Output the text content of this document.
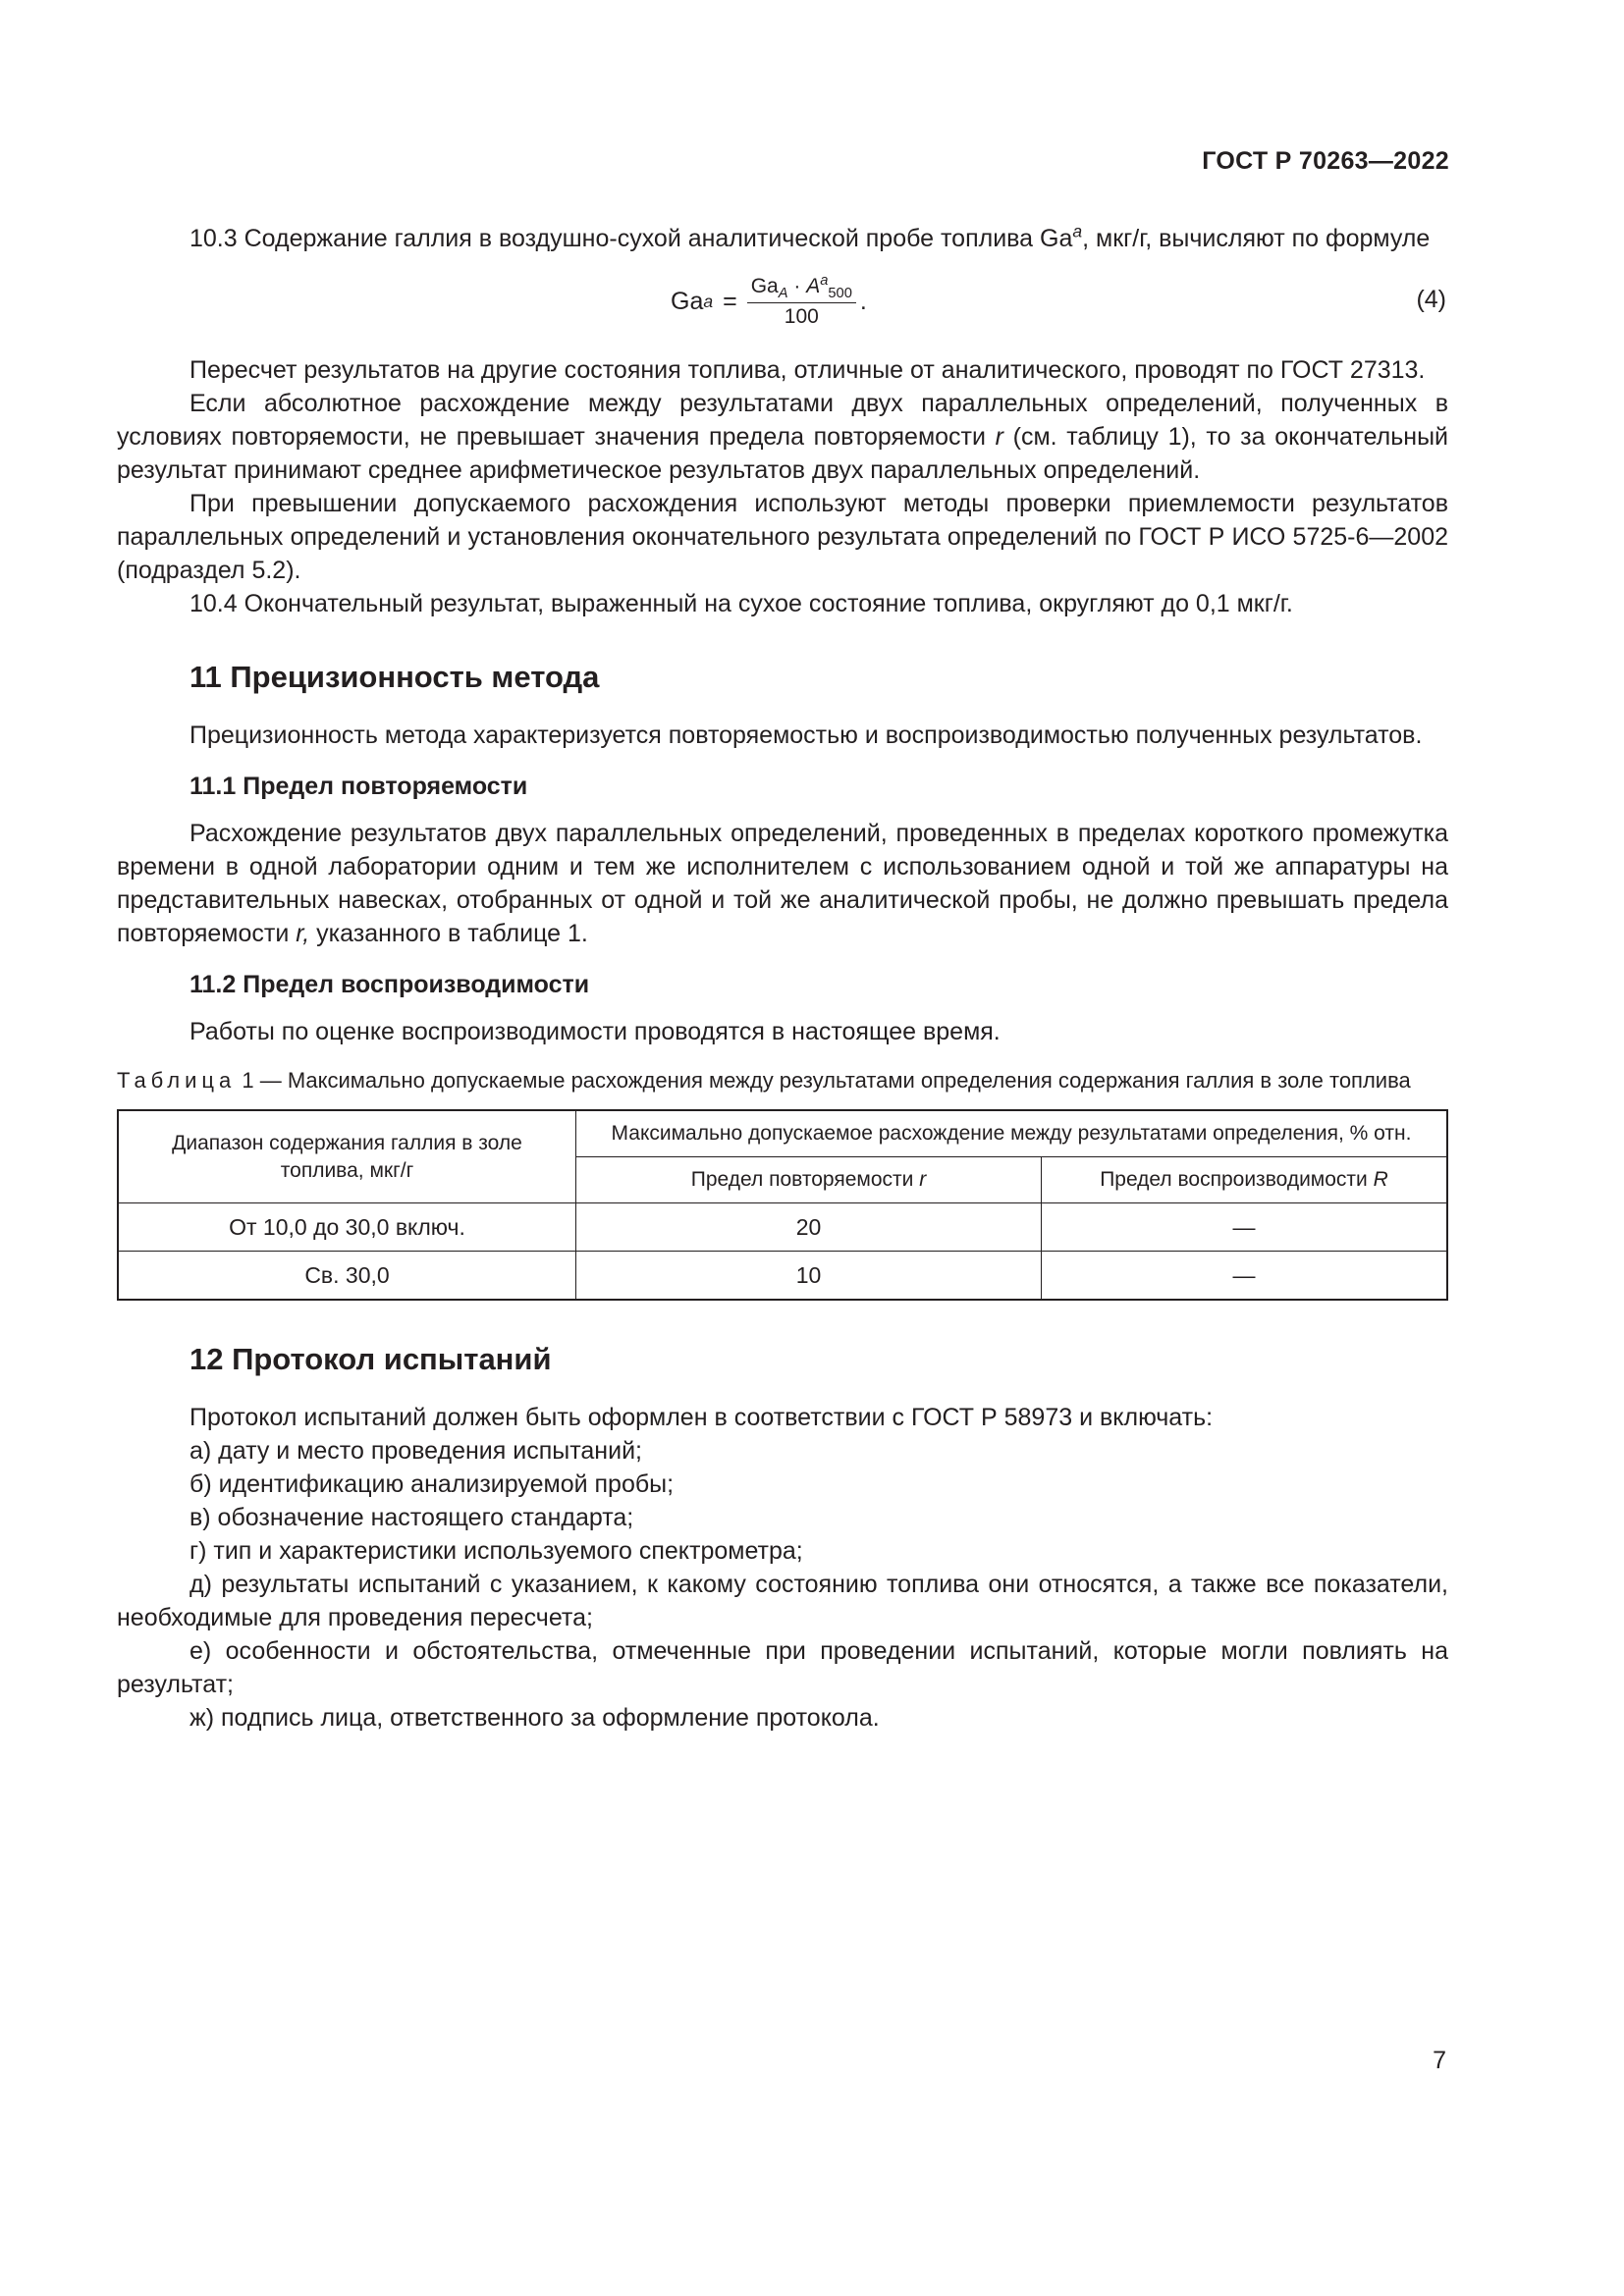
ГОСТ Р 70263—2022

10.3 Содержание галлия в воздушно-сухой аналитической пробе топлива Ga$^a$, мкг/г, вычисляют по формуле

Ga $a = \frac{Ga_A \cdot A^a_{500}}{100}$ .	(4)

Пересчет результатов на другие состояния топлива, отличные от аналитического, проводят по ГОСТ 27313.

Если абсолютное расхождение между результатами двух параллельных определений, полученных в условиях повторяемости, не превышает значения предела повторяемости r (см. таблицу 1), то за окончательный результат принимают среднее арифметическое результатов двух параллельных определений.

При превышении допускаемого расхождения используют методы проверки приемлемости результатов параллельных определений и установления окончательного результата определений по ГОСТ Р ИСО 5725-6—2002 (подраздел 5.2).

10.4 Окончательный результат, выраженный на сухое состояние топлива, округляют до 0,1 мкг/г.

11 Прецизионность метода

Прецизионность метода характеризуется повторяемостью и воспроизводимостью полученных результатов.

11.1 Предел повторяемости

Расхождение результатов двух параллельных определений, проведенных в пределах короткого промежутка времени в одной лаборатории одним и тем же исполнителем с использованием одной и той же аппаратуры на представительных навесках, отобранных от одной и той же аналитической пробы, не должно превышать предела повторяемости r, указанного в таблице 1.

11.2 Предел воспроизводимости

Работы по оценке воспроизводимости проводятся в настоящее время.

Таблица 1 — Максимально допускаемые расхождения между результатами определения содержания галлия в золе топлива
Диапазон содержания галлия в золе топлива, мкг/г	Максимально допускаемое расхождение между результатами определения, % отн.	
	Предел повторяемости r	Предел воспроизводимости R
От 10,0 до 30,0 включ.	20	—
Св. 30,0	10	—
12 Протокол испытаний

Протокол испытаний должен быть оформлен в соответствии с ГОСТ Р 58973 и включать:

а) дату и место проведения испытаний;

б) идентификацию анализируемой пробы;

в) обозначение настоящего стандарта;

г) тип и характеристики используемого спектрометра;

д) результаты испытаний с указанием, к какому состоянию топлива они относятся, а также все показатели, необходимые для проведения пересчета;

е) особенности и обстоятельства, отмеченные при проведении испытаний, которые могли повлиять на результат;

ж) подпись лица, ответственного за оформление протокола.

7
